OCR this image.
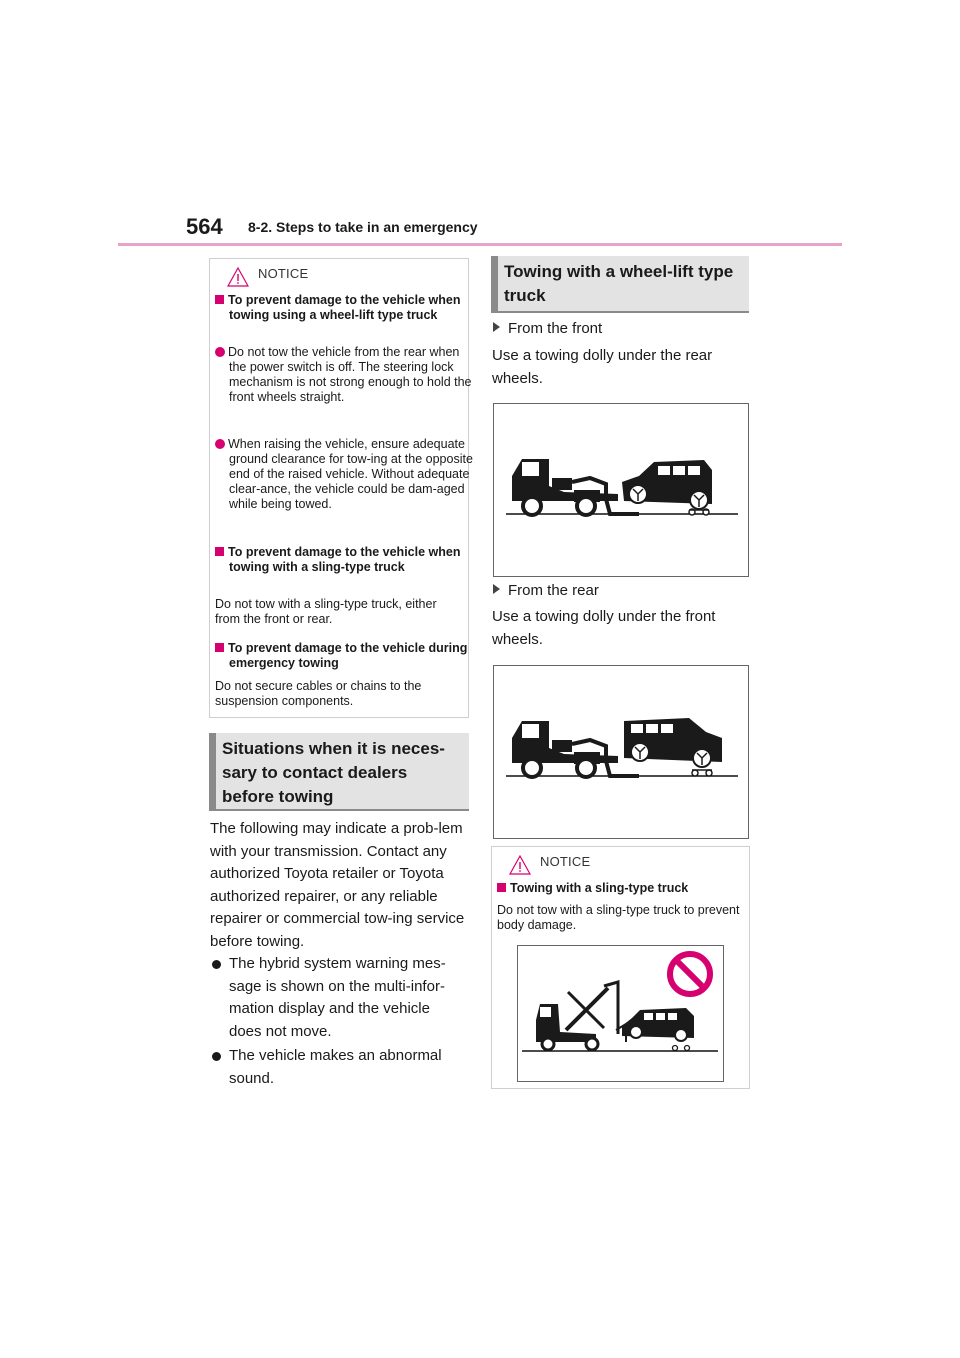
564 8-2. Steps to take in an emergency
NOTICE
To prevent damage to the vehicle when towing using a wheel-lift type truck
Do not tow the vehicle from the rear when the power switch is off. The steering lock mechanism is not strong enough to hold the front wheels straight.
When raising the vehicle, ensure adequate ground clearance for tow-ing at the opposite end of the raised vehicle. Without adequate clear-ance, the vehicle could be dam-aged while being towed.
To prevent damage to the vehicle when towing with a sling-type truck
Do not tow with a sling-type truck, either from the front or rear.
To prevent damage to the vehicle during emergency towing
Do not secure cables or chains to the suspension components.
Situations when it is neces-sary to contact dealers before towing
The following may indicate a prob-lem with your transmission. Contact any authorized Toyota retailer or Toyota authorized repairer, or any reliable repairer or commercial tow-ing service before towing.
The hybrid system warning mes-sage is shown on the multi-infor-mation display and the vehicle does not move.
The vehicle makes an abnormal sound.
Towing with a wheel-lift type truck
From the front
Use a towing dolly under the rear wheels.
From the rear
Use a towing dolly under the front wheels.
NOTICE
Towing with a sling-type truck
Do not tow with a sling-type truck to prevent body damage.
